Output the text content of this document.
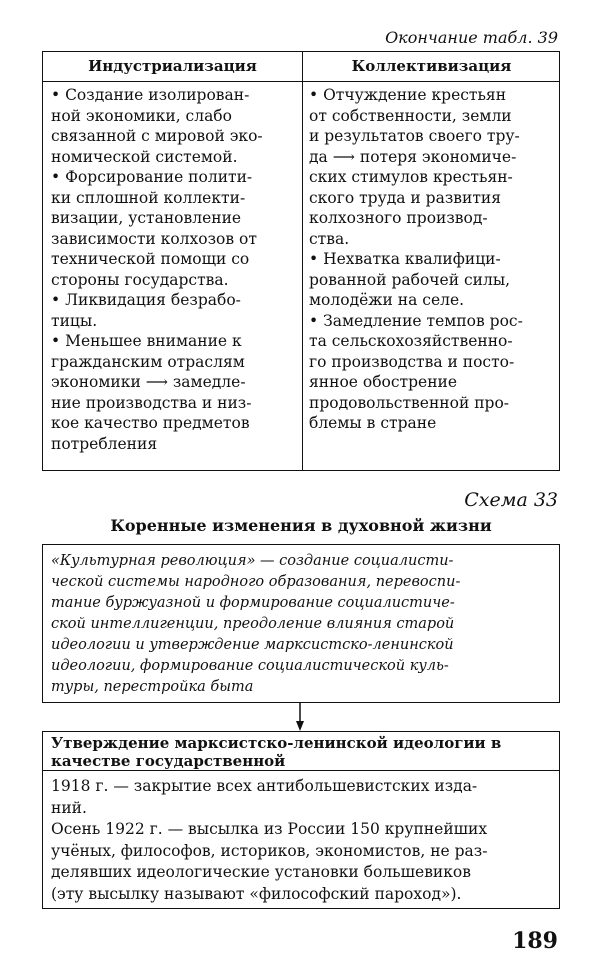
Окончание табл. 39
Индустриализация	Коллективизация
• Создание изолирован-
ной экономики, слабо
связанной с мировой эко-
номической системой.
• Форсирование полити-
ки сплошной коллекти-
визации, установление
зависимости колхозов от
технической помощи со
стороны государства.
• Ликвидация безрабо-
тицы.
• Меньшее внимание к
гражданским отраслям
экономики ⟶ замедле-
ние производства и низ-
кое качество предметов
потребления
• Отчуждение крестьян
от собственности, земли
и результатов своего тру-
да ⟶ потеря экономиче-
ских стимулов крестьян-
ского труда и развития
колхозного производ-
ства.
• Нехватка квалифици-
рованной рабочей силы,
молодёжи на селе.
• Замедление темпов рос-
та сельскохозяйственно-
го производства и посто-
янное обострение
продовольственной про-
блемы в стране
Схема 33
Коренные изменения в духовной жизни
«Культурная революция» — создание социалисти-
ческой системы народного образования, перевоспи-
тание буржуазной и формирование социалистиче-
ской интеллигенции, преодоление влияния старой
идеологии и утверждение марксистско-ленинской
идеологии, формирование социалистической куль-
туры, перестройка быта
Утверждение марксистско-ленинской идеологии в
качестве государственной
1918 г. — закрытие всех антибольшевистских изда-
ний.
Осень 1922 г. — высылка из России 150 крупнейших
учёных, философов, историков, экономистов, не раз-
делявших идеологические установки большевиков
(эту высылку называют «философский пароход»).
189
